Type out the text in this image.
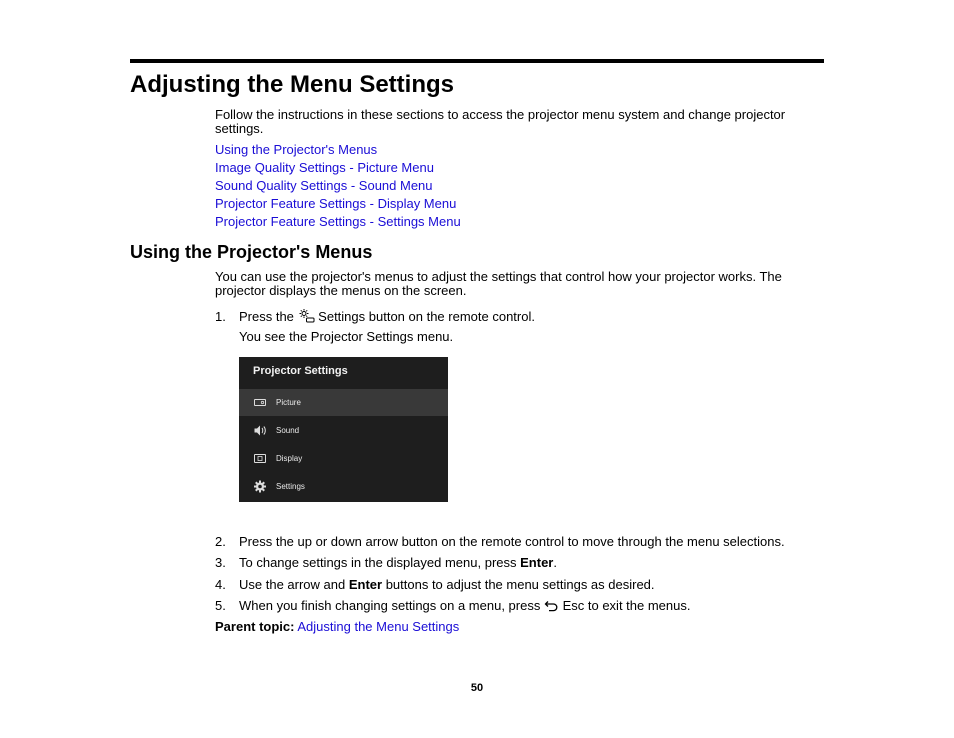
Adjusting the Menu Settings

Follow the instructions in these sections to access the projector menu system and change projector settings.

Using the Projector's Menus
Image Quality Settings - Picture Menu
Sound Quality Settings - Sound Menu
Projector Feature Settings - Display Menu
Projector Feature Settings - Settings Menu
Using the Projector's Menus

You can use the projector's menus to adjust the settings that control how your projector works. The projector displays the menus on the screen.

1. Press the Settings button on the remote control.
You see the Projector Settings menu.
Projector Settings
Picture
Sound
Display
Settings
2. Press the up or down arrow button on the remote control to move through the menu selections.
3. To change settings in the displayed menu, press Enter.
4. Use the arrow and Enter buttons to adjust the menu settings as desired.
5. When you finish changing settings on a menu, press Esc to exit the menus.
Parent topic: Adjusting the Menu Settings
50
